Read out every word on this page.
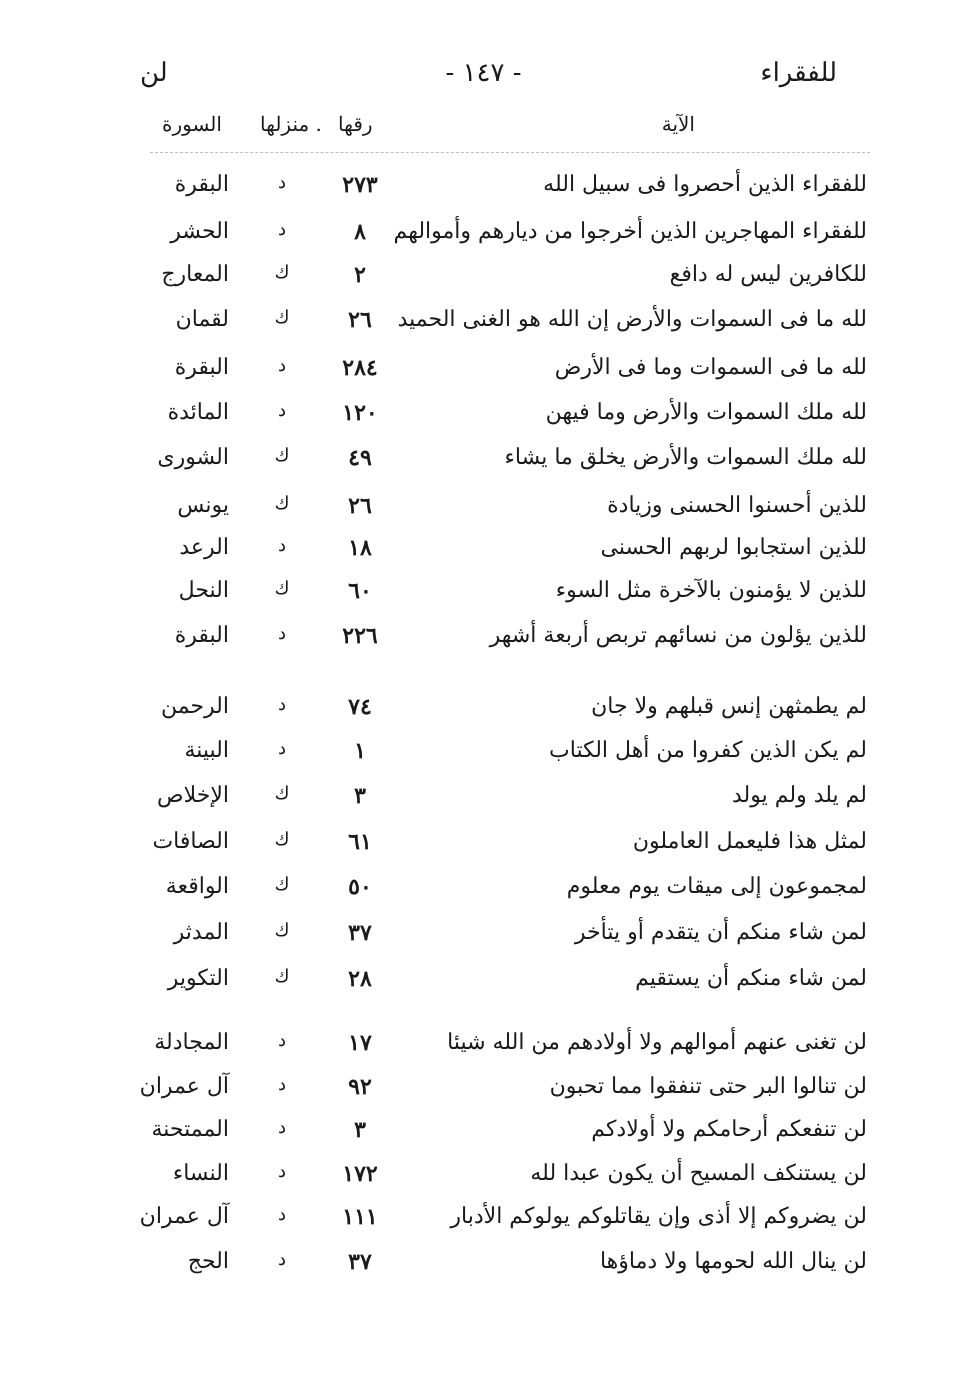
للفقراء
- ١٤٧ -
لن
الآية
رقها
. منزلها
السورة
للفقراء الذين أحصروا فى سبيل الله
٢٧٣
د
البقرة
للفقراء المهاجرين الذين أخرجوا من ديارهم وأموالهم
٨
د
الحشر
للكافرين ليس له دافع
٢
ك
المعارج
لله ما فى السموات والأرض إن الله هو الغنى الحميد
٢٦
ك
لقمان
لله ما فى السموات وما فى الأرض
٢٨٤
د
البقرة
لله ملك السموات والأرض وما فيهن
١٢٠
د
المائدة
لله ملك السموات والأرض يخلق ما يشاء
٤٩
ك
الشورى
للذين أحسنوا الحسنى وزيادة
٢٦
ك
يونس
للذين استجابوا لربهم الحسنى
١٨
د
الرعد
للذين لا يؤمنون بالآخرة مثل السوء
٦٠
ك
النحل
للذين يؤلون من نسائهم تربص أربعة أشهر
٢٢٦
د
البقرة
لم يطمثهن إنس قبلهم ولا جان
٧٤
د
الرحمن
لم يكن الذين كفروا من أهل الكتاب
١
د
البينة
لم يلد ولم يولد
٣
ك
الإخلاص
لمثل هذا فليعمل العاملون
٦١
ك
الصافات
لمجموعون إلى ميقات يوم معلوم
٥٠
ك
الواقعة
لمن شاء منكم أن يتقدم أو يتأخر
٣٧
ك
المدثر
لمن شاء منكم أن يستقيم
٢٨
ك
التكوير
لن تغنى عنهم أموالهم ولا أولادهم من الله شيئا
١٧
د
المجادلة
لن تنالوا البر حتى تنفقوا مما تحبون
٩٢
د
آل عمران
لن تنفعكم أرحامكم ولا أولادكم
٣
د
الممتحنة
لن يستنكف المسيح أن يكون عبدا لله
١٧٢
د
النساء
لن يضروكم إلا أذى وإن يقاتلوكم يولوكم الأدبار
١١١
د
آل عمران
لن ينال الله لحومها ولا دماؤها
٣٧
د
الحج
